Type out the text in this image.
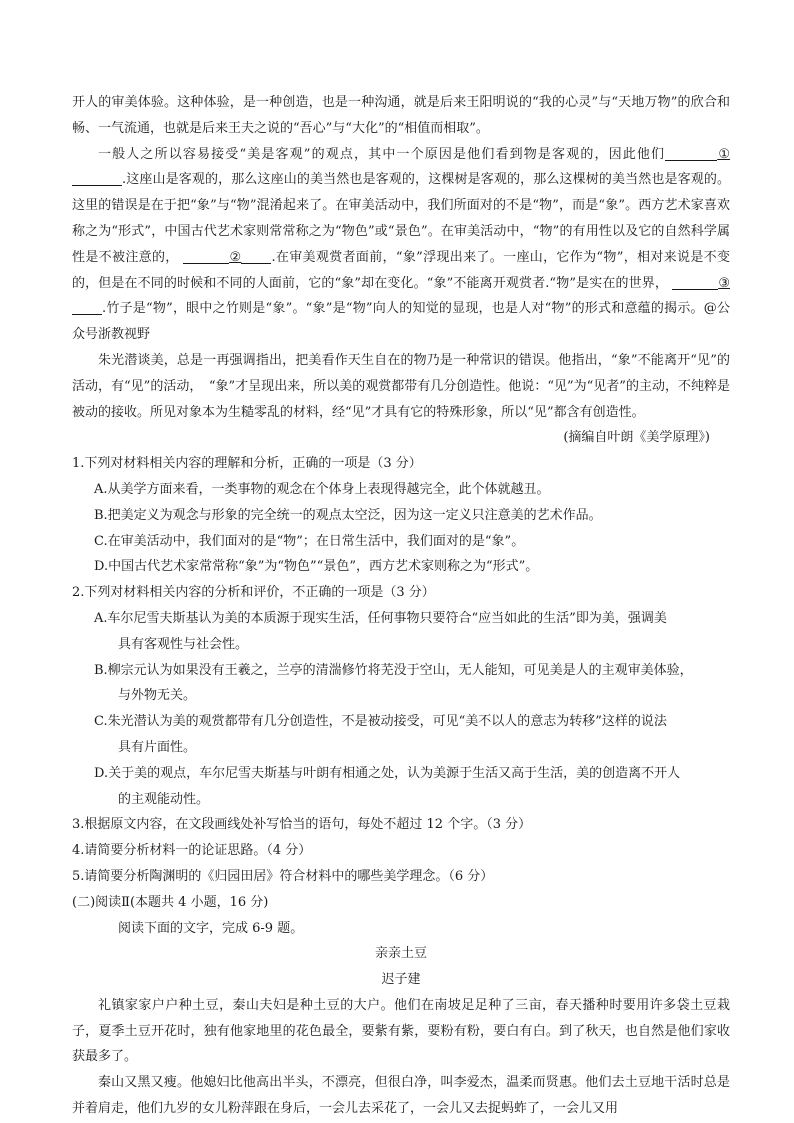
开人的审美体验。这种体验，是一种创造，也是一种沟通，就是后来王阳明说的“我的心灵”与“天地万物”的欣合和畅、一气流通，也就是后来王夫之说的“吾心”与“大化”的“相值而相取”。

一般人之所以容易接受“美是客观”的观点，其中一个原因是他们看到物是客观的，因此他们	①.这座山是客观的，那么这座山的美当然也是客观的，这棵树是客观的，那么这棵树的美当然也是客观的。这里的错误是在于把“象”与“物”混淆起来了。在审美活动中，我们所面对的不是“物”，而是“象”。西方艺术家喜欢称之为“形式”，中国古代艺术家则常常称之为“物色”或“景色”。在审美活动中，“物”的有用性以及它的自然科学属性是不被注意的，	② .在审美观赏者面前，“象”浮现出来了。一座山，它作为“物”，相对来说是不变的，但是在不同的时候和不同的人面前，它的“象”却在变化。“象”不能离开观赏者.“物”是实在的世界，	③.竹子是“物”，眼中之竹则是“象”。“象”是“物”向人的知觉的显现，也是人对“物”的形式和意蕴的揭示。@公众号浙教视野

朱光潜谈美，总是一再强调指出，把美看作天生自在的物乃是一种常识的错误。他指出，“象”不能离开“见”的活动，有“见”的活动，　“象”才呈现出来，所以美的观赏都带有几分创造性。他说：“见”为“见者”的主动，不纯粹是被动的接收。所见对象本为生糙零乱的材料，经“见”才具有它的特殊形象，所以“见”都含有创造性。

(摘编自叶朗《美学原理》)

1.下列对材料相关内容的理解和分析，正确的一项是（3 分）

A.从美学方面来看，一类事物的观念在个体身上表现得越完全，此个体就越丑。

B.把美定义为观念与形象的完全统一的观点太空泛，因为这一定义只注意美的艺术作品。

C.在审美活动中，我们面对的是“物”；在日常生活中，我们面对的是“象”。

D.中国古代艺术家常常称“象”为“物色”“景色”，西方艺术家则称之为“形式”。

2.下列对材料相关内容的分析和评价，不正确的一项是（3 分）

A.车尔尼雪夫斯基认为美的本质源于现实生活，任何事物只要符合“应当如此的生活”即为美，强调美
具有客观性与社会性。

B.柳宗元认为如果没有王羲之，兰亭的清湍修竹将芜没于空山，无人能知，可见美是人的主观审美体验，
与外物无关。

C.朱光潜认为美的观赏都带有几分创造性，不是被动接受，可见“美不以人的意志为转移”这样的说法
具有片面性。

D.关于美的观点，车尔尼雪夫斯基与叶朗有相通之处，认为美源于生活又高于生活，美的创造离不开人
的主观能动性。

3.根据原文内容，在文段画线处补写恰当的语句，每处不超过 12 个字。（3 分）

4.请简要分析材料一的论证思路。（4 分）

5.请简要分析陶渊明的《归园田居》符合材料中的哪些美学理念。（6 分）

(二)阅读Ⅱ(本题共 4 小题，16 分)

阅读下面的文字，完成 6-9 题。

亲亲土豆

迟子建

礼镇家家户户种土豆，秦山夫妇是种土豆的大户。他们在南坡足足种了三亩，春天播种时要用许多袋土豆栽子，夏季土豆开花时，独有他家地里的花色最全，要紫有紫，要粉有粉，要白有白。到了秋天，也自然是他们家收获最多了。

秦山又黑又瘦。他媳妇比他高出半头，不漂亮，但很白净，叫李爱杰，温柔而贤惠。他们去土豆地干活时总是并着肩走，他们九岁的女儿粉萍跟在身后，一会儿去采花了，一会儿又去捉蚂蚱了，一会儿又用
